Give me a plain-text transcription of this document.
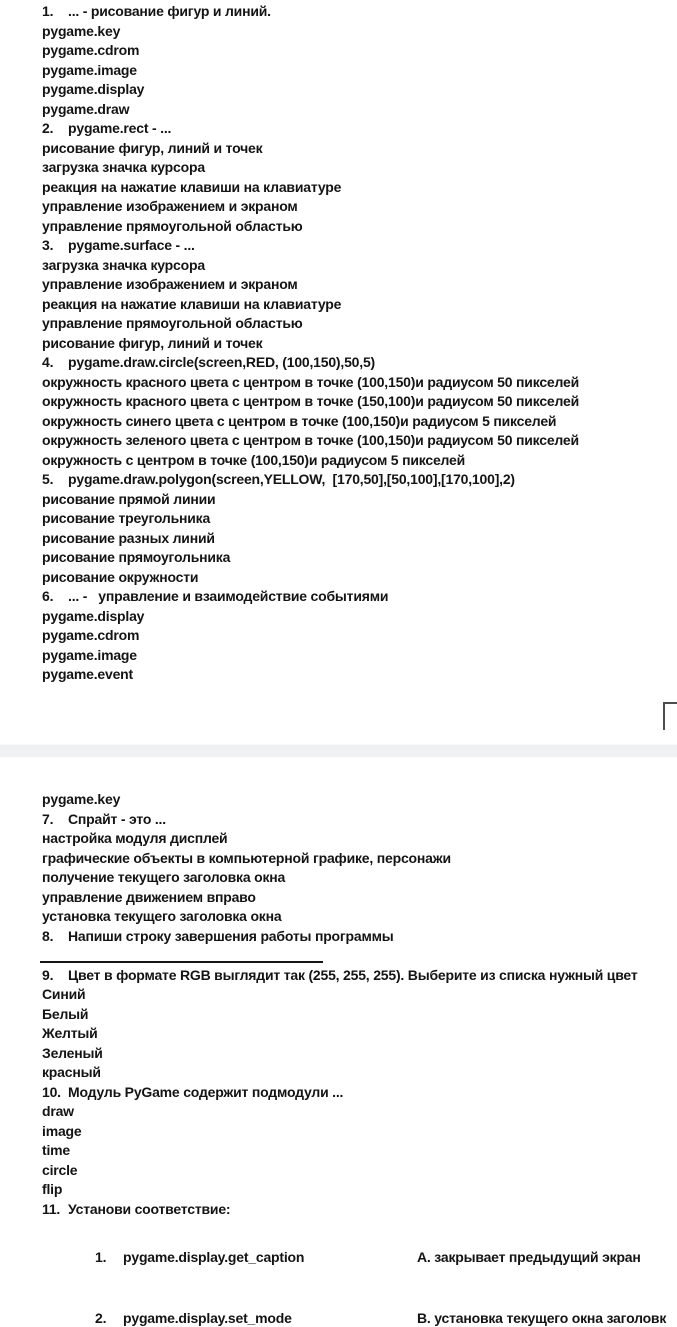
1. ... - рисование фигур и линий.
pygame.key
pygame.cdrom
pygame.image
pygame.display
pygame.draw
2. pygame.rect - ...
рисование фигур, линий и точек
загрузка значка курсора
реакция на нажатие клавиши на клавиатуре
управление изображением и экраном
управление прямоугольной областью
3. pygame.surface - ...
загрузка значка курсора
управление изображением и экраном
реакция на нажатие клавиши на клавиатуре
управление прямоугольной областью
рисование фигур, линий и точек
4. pygame.draw.circle(screen,RED, (100,150),50,5)
окружность красного цвета с центром в точке (100,150)и радиусом 50 пикселей
окружность красного цвета с центром в точке (150,100)и радиусом 50 пикселей
окружность синего цвета с центром в точке (100,150)и радиусом 5 пикселей
окружность зеленого цвета с центром в точке (100,150)и радиусом 50 пикселей
окружность с центром в точке (100,150)и радиусом 5 пикселей
5. pygame.draw.polygon(screen,YELLOW,  [170,50],[50,100],[170,100],2)
рисование прямой линии
рисование треугольника
рисование разных линий
рисование прямоугольника
рисование окружности
6. ... -   управление и взаимодействие событиями
pygame.display
pygame.cdrom
pygame.image
pygame.event
pygame.key
7. Спрайт - это ...
настройка модуля дисплей
графические объекты в компьютерной графике, персонажи
получение текущего заголовка окна
управление движением вправо
установка текущего заголовка окна
8. Напиши строку завершения работы программы
9. Цвет в формате RGB выглядит так (255, 255, 255). Выберите из списка нужный цвет
Синий
Белый
Желтый
Зеленый
красный
10. Модуль PyGame содержит подмодули ...
draw
image
time
circle
flip
11. Установи соответствие:
1. pygame.display.get_caption	А. закрывает предыдущий экран
2. pygame.display.set_mode	В. установка текущего окна заголовк
